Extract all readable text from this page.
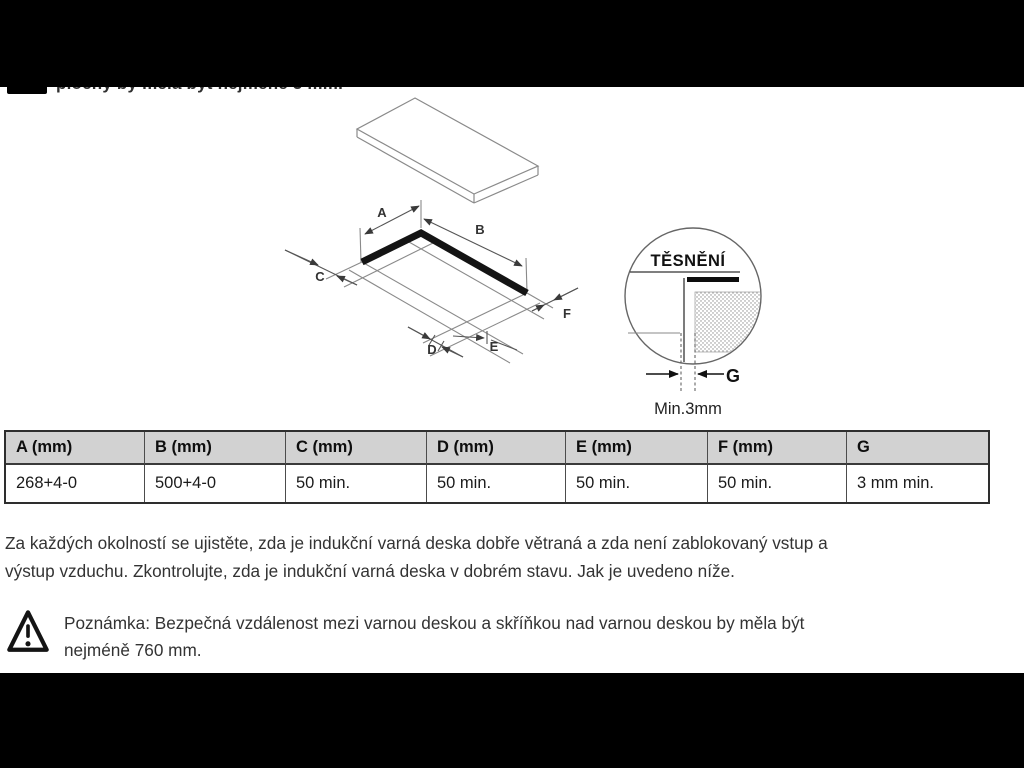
A
B
C
D	E
F
TĚSNĚNÍ
G
Min.3mm
A (mm)	B (mm)	C (mm)	D (mm)	E (mm)	F (mm)	G
268+4-0	500+4-0	50 min.	50 min.	50 min.	50 min.	3 mm min.
Za každých okolností se ujistěte, zda je indukční varná deska dobře větraná a zda není zablokovaný vstup a
výstup vzduchu. Zkontrolujte, zda je indukční varná deska v dobrém stavu. Jak je uvedeno níže.
Poznámka: Bezpečná vzdálenost mezi varnou deskou a skříňkou nad varnou deskou by měla být
nejméně 760 mm.
